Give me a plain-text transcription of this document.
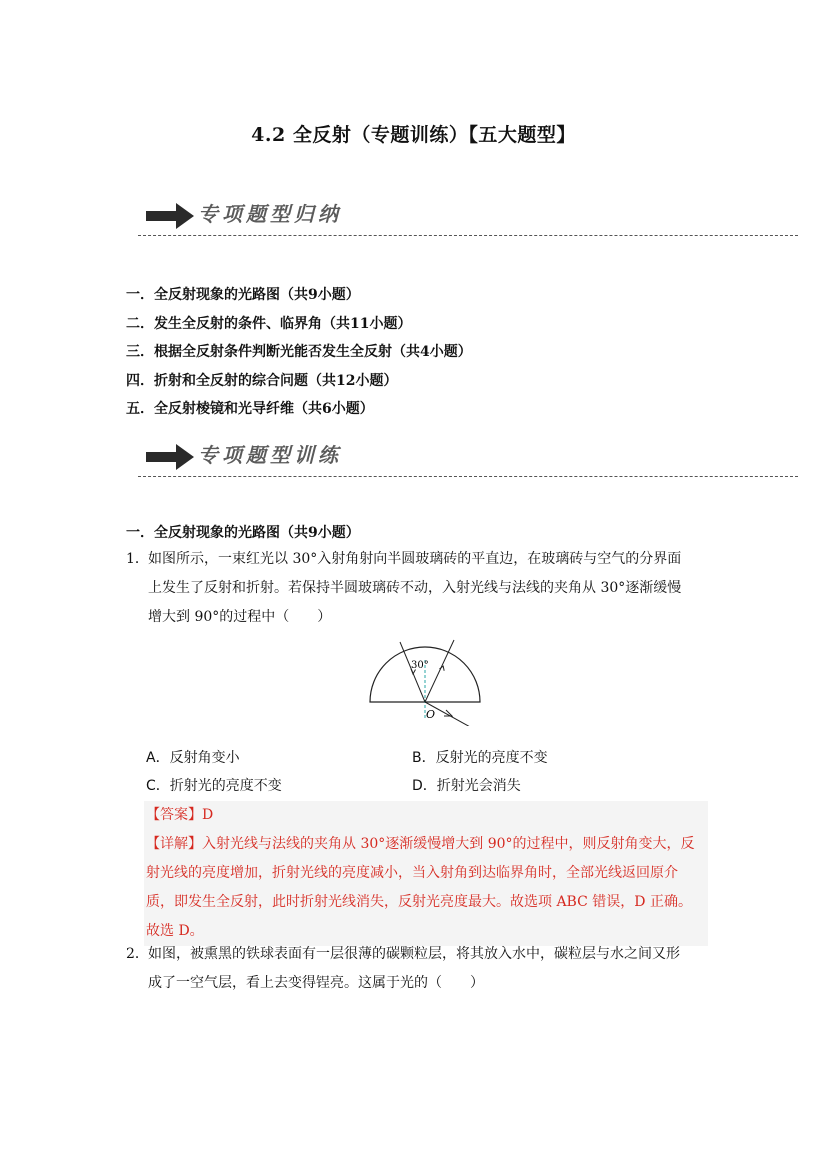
4.2 全反射（专题训练）【五大题型】
专项题型归纳
一．全反射现象的光路图（共9小题）
二．发生全反射的条件、临界角（共11小题）
三．根据全反射条件判断光能否发生全反射（共4小题）
四．折射和全反射的综合问题（共12小题）
五．全反射棱镜和光导纤维（共6小题）
专项题型训练
一．全反射现象的光路图（共9小题）
1． 如图所示，一束红光以 30°入射角射向半圆玻璃砖的平直边，在玻璃砖与空气的分界面
上发生了反射和折射。若保持半圆玻璃砖不动，入射光线与法线的夹角从 30°逐渐缓慢
增大到 90°的过程中（　　）
30°
O
A．反射角变小	B．反射光的亮度不变
C．折射光的亮度不变	D．折射光会消失
【答案】D
【详解】入射光线与法线的夹角从 30°逐渐缓慢增大到 90°的过程中，则反射角变大，反
射光线的亮度增加，折射光线的亮度减小，当入射角到达临界角时，全部光线返回原介
质，即发生全反射，此时折射光线消失，反射光亮度最大。故选项 ABC 错误，D 正确。
故选 D。
2． 如图，被熏黑的铁球表面有一层很薄的碳颗粒层，将其放入水中，碳粒层与水之间又形
成了一空气层，看上去变得锃亮。这属于光的（　　）
